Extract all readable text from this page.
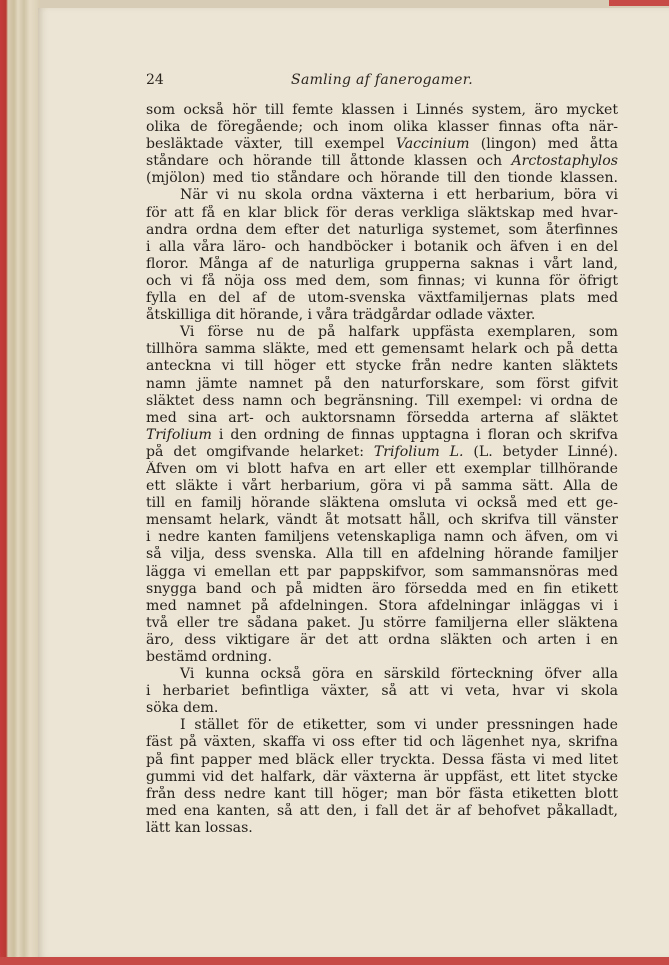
24	Samling af fanerogamer.
som också hör till femte klassen i Linnés system, äro mycket
olika de föregående; och inom olika klasser finnas ofta när-
besläktade växter, till exempel Vaccinium (lingon) med åtta
ståndare och hörande till åttonde klassen och Arctostaphylos
(mjölon) med tio ståndare och hörande till den tionde klassen.
När vi nu skola ordna växterna i ett herbarium, böra vi
för att få en klar blick för deras verkliga släktskap med hvar-
andra ordna dem efter det naturliga systemet, som återfinnes
i alla våra läro- och handböcker i botanik och äfven i en del
floror. Många af de naturliga grupperna saknas i vårt land,
och vi få nöja oss med dem, som finnas; vi kunna för öfrigt
fylla en del af de utom-svenska växtfamiljernas plats med
åtskilliga dit hörande, i våra trädgårdar odlade växter.
Vi förse nu de på halfark uppfästa exemplaren, som
tillhöra samma släkte, med ett gemensamt helark och på detta
anteckna vi till höger ett stycke från nedre kanten släktets
namn jämte namnet på den naturforskare, som först gifvit
släktet dess namn och begränsning. Till exempel: vi ordna de
med sina art- och auktorsnamn försedda arterna af släktet
Trifolium i den ordning de finnas upptagna i floran och skrifva
på det omgifvande helarket: Trifolium L. (L. betyder Linné).
Äfven om vi blott hafva en art eller ett exemplar tillhörande
ett släkte i vårt herbarium, göra vi på samma sätt. Alla de
till en familj hörande släktena omsluta vi också med ett ge-
mensamt helark, vändt åt motsatt håll, och skrifva till vänster
i nedre kanten familjens vetenskapliga namn och äfven, om vi
så vilja, dess svenska. Alla till en afdelning hörande familjer
lägga vi emellan ett par pappskifvor, som sammansnöras med
snygga band och på midten äro försedda med en fin etikett
med namnet på afdelningen. Stora afdelningar inläggas vi i
två eller tre sådana paket. Ju större familjerna eller släktena
äro, dess viktigare är det att ordna släkten och arten i en
bestämd ordning.
Vi kunna också göra en särskild förteckning öfver alla
i herbariet befintliga växter, så att vi veta, hvar vi skola
söka dem.
I stället för de etiketter, som vi under pressningen hade
fäst på växten, skaffa vi oss efter tid och lägenhet nya, skrifna
på fint papper med bläck eller tryckta. Dessa fästa vi med litet
gummi vid det halfark, där växterna är uppfäst, ett litet stycke
från dess nedre kant till höger; man bör fästa etiketten blott
med ena kanten, så att den, i fall det är af behofvet påkalladt,
lätt kan lossas.
